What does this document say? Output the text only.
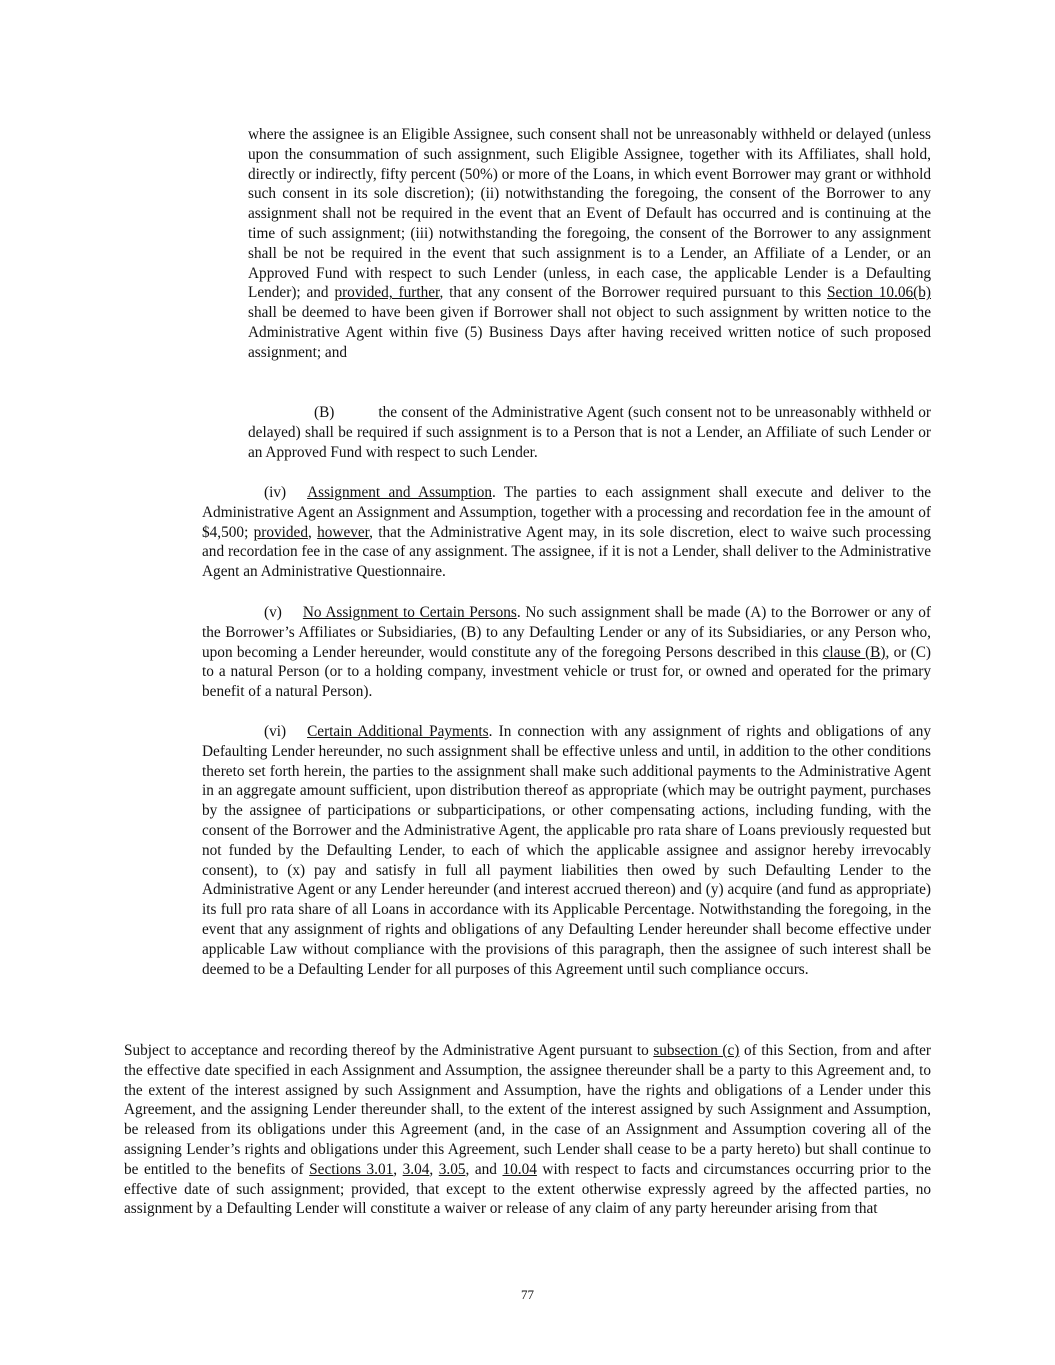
where the assignee is an Eligible Assignee, such consent shall not be unreasonably withheld or delayed (unless upon the consummation of such assignment, such Eligible Assignee, together with its Affiliates, shall hold, directly or indirectly, fifty percent (50%) or more of the Loans, in which event Borrower may grant or withhold such consent in its sole discretion); (ii) notwithstanding the foregoing, the consent of the Borrower to any assignment shall not be required in the event that an Event of Default has occurred and is continuing at the time of such assignment; (iii) notwithstanding the foregoing, the consent of the Borrower to any assignment shall be not be required in the event that such assignment is to a Lender, an Affiliate of a Lender, or an Approved Fund with respect to such Lender (unless, in each case, the applicable Lender is a Defaulting Lender); and provided, further, that any consent of the Borrower required pursuant to this Section 10.06(b) shall be deemed to have been given if Borrower shall not object to such assignment by written notice to the Administrative Agent within five (5) Business Days after having received written notice of such proposed assignment; and

(B)	the consent of the Administrative Agent (such consent not to be unreasonably withheld or delayed) shall be required if such assignment is to a Person that is not a Lender, an Affiliate of such Lender or an Approved Fund with respect to such Lender.

(iv) Assignment and Assumption. The parties to each assignment shall execute and deliver to the Administrative Agent an Assignment and Assumption, together with a processing and recordation fee in the amount of $4,500; provided, however, that the Administrative Agent may, in its sole discretion, elect to waive such processing and recordation fee in the case of any assignment. The assignee, if it is not a Lender, shall deliver to the Administrative Agent an Administrative Questionnaire.

(v) No Assignment to Certain Persons. No such assignment shall be made (A) to the Borrower or any of the Borrower’s Affiliates or Subsidiaries, (B) to any Defaulting Lender or any of its Subsidiaries, or any Person who, upon becoming a Lender hereunder, would constitute any of the foregoing Persons described in this clause (B), or (C) to a natural Person (or to a holding company, investment vehicle or trust for, or owned and operated for the primary benefit of a natural Person).

(vi) Certain Additional Payments. In connection with any assignment of rights and obligations of any Defaulting Lender hereunder, no such assignment shall be effective unless and until, in addition to the other conditions thereto set forth herein, the parties to the assignment shall make such additional payments to the Administrative Agent in an aggregate amount sufficient, upon distribution thereof as appropriate (which may be outright payment, purchases by the assignee of participations or subparticipations, or other compensating actions, including funding, with the consent of the Borrower and the Administrative Agent, the applicable pro rata share of Loans previously requested but not funded by the Defaulting Lender, to each of which the applicable assignee and assignor hereby irrevocably consent), to (x) pay and satisfy in full all payment liabilities then owed by such Defaulting Lender to the Administrative Agent or any Lender hereunder (and interest accrued thereon) and (y) acquire (and fund as appropriate) its full pro rata share of all Loans in accordance with its Applicable Percentage. Notwithstanding the foregoing, in the event that any assignment of rights and obligations of any Defaulting Lender hereunder shall become effective under applicable Law without compliance with the provisions of this paragraph, then the assignee of such interest shall be deemed to be a Defaulting Lender for all purposes of this Agreement until such compliance occurs.

Subject to acceptance and recording thereof by the Administrative Agent pursuant to subsection (c) of this Section, from and after the effective date specified in each Assignment and Assumption, the assignee thereunder shall be a party to this Agreement and, to the extent of the interest assigned by such Assignment and Assumption, have the rights and obligations of a Lender under this Agreement, and the assigning Lender thereunder shall, to the extent of the interest assigned by such Assignment and Assumption, be released from its obligations under this Agreement (and, in the case of an Assignment and Assumption covering all of the assigning Lender’s rights and obligations under this Agreement, such Lender shall cease to be a party hereto) but shall continue to be entitled to the benefits of Sections 3.01, 3.04, 3.05, and 10.04 with respect to facts and circumstances occurring prior to the effective date of such assignment; provided, that except to the extent otherwise expressly agreed by the affected parties, no assignment by a Defaulting Lender will constitute a waiver or release of any claim of any party hereunder arising from that

77
